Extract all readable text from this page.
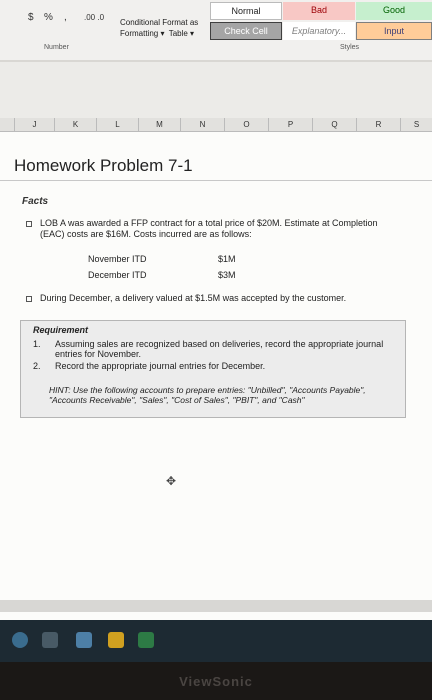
$ % , .00 .0
Conditional Format as
Formatting ▾ Table ▾
Normal	Bad	Good
Check Cell	Explanatory...	Input
Number	Styles
J	K	L	M	N	O	P	Q	R	S
Homework Problem 7-1
Facts
LOB A was awarded a FFP contract for a total price of $20M. Estimate at Completion (EAC) costs are $16M. Costs incurred are as follows:
November ITD	$1M
December ITD	$3M
During December, a delivery valued at $1.5M was accepted by the customer.
Requirement
1. Assuming sales are recognized based on deliveries, record the appropriate journal entries for November.
2. Record the appropriate journal entries for December.
HINT: Use the following accounts to prepare entries: "Unbilled", "Accounts Payable", "Accounts Receivable", "Sales", "Cost of Sales", "PBIT", and "Cash"
✥
ViewSonic
